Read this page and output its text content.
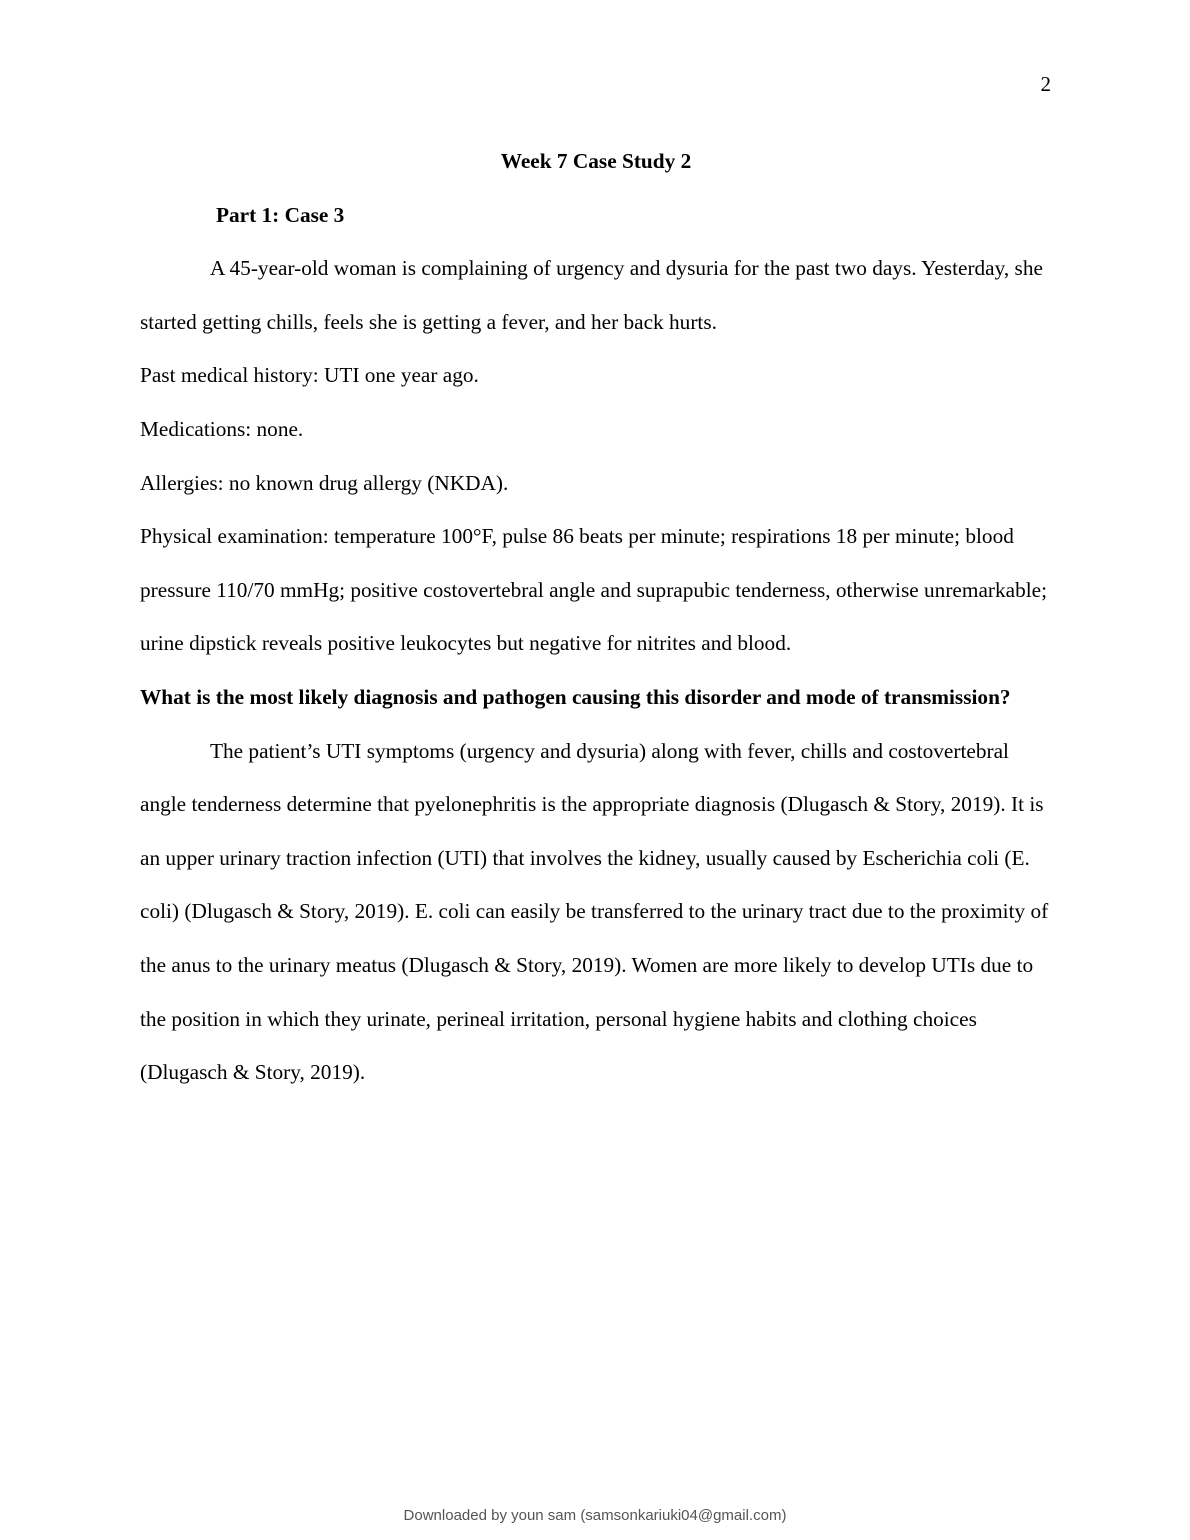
2

Week 7 Case Study 2

Part 1: Case 3

A 45-year-old woman is complaining of urgency and dysuria for the past two days. Yesterday, she started getting chills, feels she is getting a fever, and her back hurts.

Past medical history: UTI one year ago.

Medications: none.

Allergies: no known drug allergy (NKDA).

Physical examination: temperature 100°F, pulse 86 beats per minute; respirations 18 per minute; blood pressure 110/70 mmHg; positive costovertebral angle and suprapubic tenderness, otherwise unremarkable; urine dipstick reveals positive leukocytes but negative for nitrites and blood.

What is the most likely diagnosis and pathogen causing this disorder and mode of transmission?

The patient’s UTI symptoms (urgency and dysuria) along with fever, chills and costovertebral angle tenderness determine that pyelonephritis is the appropriate diagnosis (Dlugasch & Story, 2019). It is an upper urinary traction infection (UTI) that involves the kidney, usually caused by Escherichia coli (E. coli) (Dlugasch & Story, 2019). E. coli can easily be transferred to the urinary tract due to the proximity of the anus to the urinary meatus (Dlugasch & Story, 2019). Women are more likely to develop UTIs due to the position in which they urinate, perineal irritation, personal hygiene habits and clothing choices (Dlugasch & Story, 2019).

Downloaded by youn sam (samsonkariuki04@gmail.com)
